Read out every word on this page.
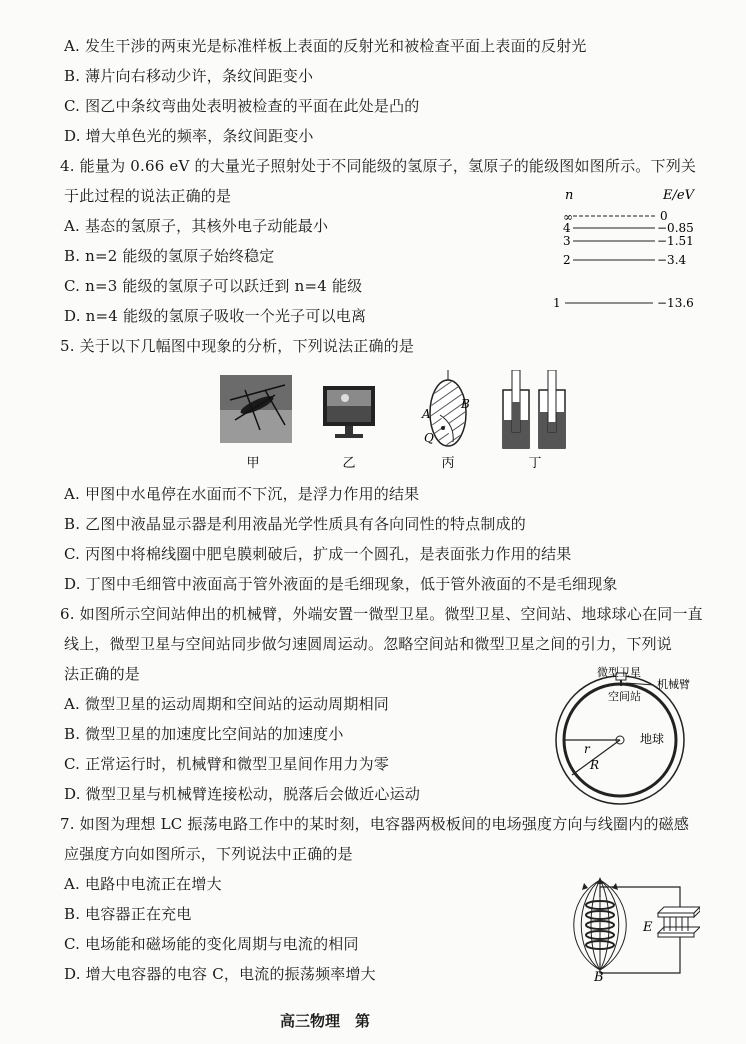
A. 发生干涉的两束光是标准样板上表面的反射光和被检查平面上表面的反射光
B. 薄片向右移动少许，条纹间距变小
C. 图乙中条纹弯曲处表明被检查的平面在此处是凸的
D. 增大单色光的频率，条纹间距变小
4. 能量为 0.66 eV 的大量光子照射处于不同能级的氢原子，氢原子的能级图如图所示。下列关
于此过程的说法正确的是
A. 基态的氢原子，其核外电子动能最小
B. n=2 能级的氢原子始终稳定
C. n=3 能级的氢原子可以跃迁到 n=4 能级
D. n=4 能级的氢原子吸收一个光子可以电离
n	E/eV
∞	0
4	−0.85
3	−1.51
2	−3.4
1	−13.6
5. 关于以下几幅图中现象的分析，下列说法正确的是
甲	乙
A
B
Q
丙	丁
A. 甲图中水黾停在水面而不下沉，是浮力作用的结果
B. 乙图中液晶显示器是利用液晶光学性质具有各向同性的特点制成的
C. 丙图中将棉线圈中肥皂膜刺破后，扩成一个圆孔，是表面张力作用的结果
D. 丁图中毛细管中液面高于管外液面的是毛细现象，低于管外液面的不是毛细现象
6. 如图所示空间站伸出的机械臂，外端安置一微型卫星。微型卫星、空间站、地球球心在同一直
线上，微型卫星与空间站同步做匀速圆周运动。忽略空间站和微型卫星之间的引力，下列说
法正确的是
A. 微型卫星的运动周期和空间站的运动周期相同
B. 微型卫星的加速度比空间站的加速度小
C. 正常运行时，机械臂和微型卫星间作用力为零
D. 微型卫星与机械臂连接松动，脱落后会做近心运动
微型卫星
机械臂
空间站
地球
r
R
7. 如图为理想 LC 振荡电路工作中的某时刻，电容器两极板间的电场强度方向与线圈内的磁感
应强度方向如图所示，下列说法中正确的是
A. 电路中电流正在增大
B. 电容器正在充电
C. 电场能和磁场能的变化周期与电流的相同
D. 增大电容器的电容 C，电流的振荡频率增大
E
B
高三物理　第
